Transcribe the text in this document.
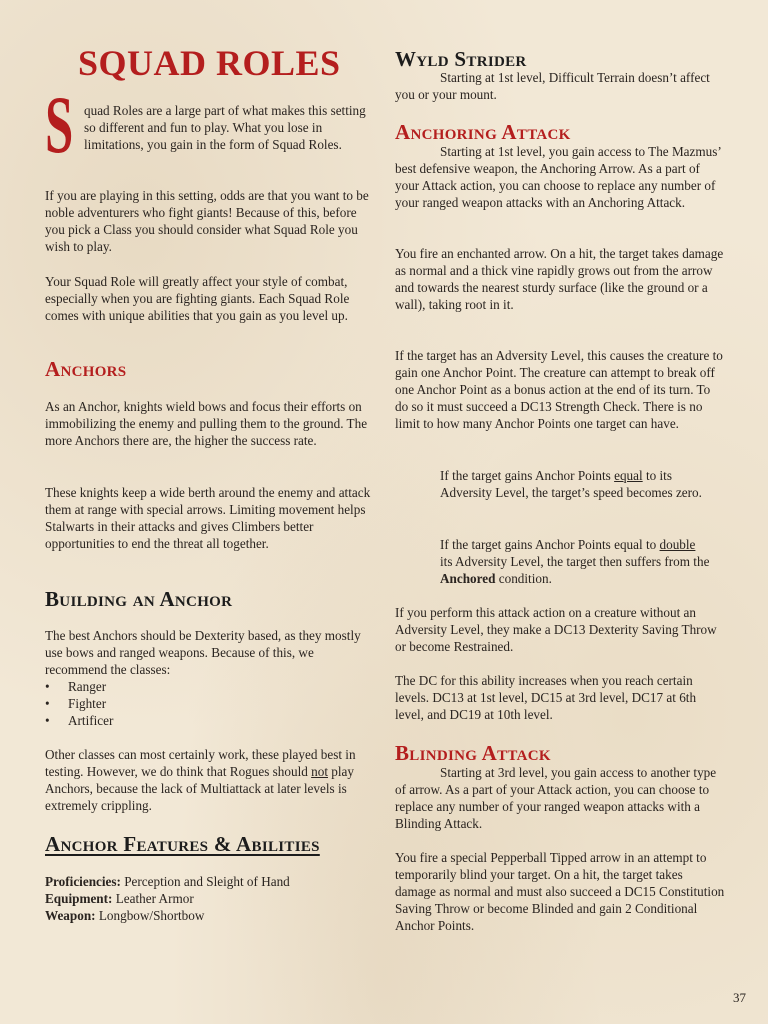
SQUAD ROLES
S quad Roles are a large part of what makes this setting so different and fun to play. What you lose in limitations, you gain in the form of Squad Roles.

If you are playing in this setting, odds are that you want to be noble adventurers who fight giants! Because of this, before you pick a Class you should consider what Squad Role you wish to play.

Your Squad Role will greatly affect your style of combat, especially when you are fighting giants. Each Squad Role comes with unique abilities that you gain as you level up.

Anchors

As an Anchor, knights wield bows and focus their efforts on immobilizing the enemy and pulling them to the ground. The more Anchors there are, the higher the success rate.

These knights keep a wide berth around the enemy and attack them at range with special arrows. Limiting movement helps Stalwarts in their attacks and gives Climbers better opportunities to end the threat all together.

Building an Anchor

The best Anchors should be Dexterity based, as they mostly use bows and ranged weapons. Because of this, we recommend the classes:

• Ranger
• Fighter
• Artificer

Other classes can most certainly work, these played best in testing. However, we do think that Rogues should not play Anchors, because the lack of Multiattack at later levels is extremely crippling.

Anchor Features & Abilities

Proficiencies: Perception and Sleight of Hand

Equipment: Leather Armor

Weapon: Longbow/Shortbow

Wyld Strider

Starting at 1st level, Difficult Terrain doesn’t affect you or your mount.

Anchoring Attack

Starting at 1st level, you gain access to The Mazmus’ best defensive weapon, the Anchoring Arrow. As a part of your Attack action, you can choose to replace any number of your ranged weapon attacks with an Anchoring Attack.

You fire an enchanted arrow. On a hit, the target takes damage as normal and a thick vine rapidly grows out from the arrow and towards the nearest sturdy surface (like the ground or a wall), taking root in it.

If the target has an Adversity Level, this causes the creature to gain one Anchor Point. The creature can attempt to break off one Anchor Point as a bonus action at the end of its turn. To do so it must succeed a DC13 Strength Check. There is no limit to how many Anchor Points one target can have.

If the target gains Anchor Points equal to its Adversity Level, the target’s speed becomes zero.

If the target gains Anchor Points equal to double its Adversity Level, the target then suffers from the Anchored condition.

If you perform this attack action on a creature without an Adversity Level, they make a DC13 Dexterity Saving Throw or become Restrained.

The DC for this ability increases when you reach certain levels. DC13 at 1st level, DC15 at 3rd level, DC17 at 6th level, and DC19 at 10th level.

Blinding Attack

Starting at 3rd level, you gain access to another type of arrow. As a part of your Attack action, you can choose to replace any number of your ranged weapon attacks with a Blinding Attack.

You fire a special Pepperball Tipped arrow in an attempt to temporarily blind your target. On a hit, the target takes damage as normal and must also succeed a DC15 Constitution Saving Throw or become Blinded and gain 2 Conditional Anchor Points.

37
